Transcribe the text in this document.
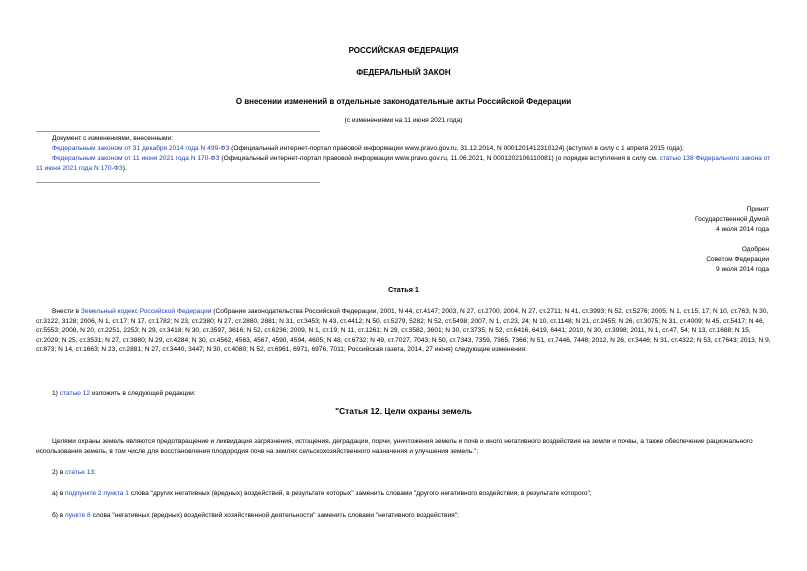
РОССИЙСКАЯ ФЕДЕРАЦИЯ
ФЕДЕРАЛЬНЫЙ ЗАКОН
О внесении изменений в отдельные законодательные акты Российской Федерации
(с изменениями на 11 июня 2021 года)
Документ с изменениями, внесенными:
Федеральным законом от 31 декабря 2014 года N 499-ФЗ (Официальный интернет-портал правовой информации www.pravo.gov.ru, 31.12.2014, N 0001201412310124) (вступил в силу с 1 апреля 2015 года);
Федеральным законом от 11 июня 2021 года N 170-ФЗ (Официальный интернет-портал правовой информации www.pravo.gov.ru, 11.06.2021, N 0001202106110081) (о порядке вступления в силу см. статью 138 Федерального закона от 11 июня 2021 года N 170-ФЗ).
Принят
Государственной Думой
4 июля 2014 года
Одобрен
Советом Федерации
9 июля 2014 года
Статья 1
Внести в Земельный кодекс Российской Федерации (Собрание законодательства Российской Федерации, 2001, N 44, ст.4147; 2003, N 27, ст.2700; 2004, N 27, ст.2711; N 41, ст.3993; N 52, ст.5276; 2005, N 1, ст.15, 17; N 10, ст.763; N 30, ст.3122, 3128; 2006, N 1, ст.17; N 17, ст.1782; N 23, ст.2380; N 27, ст.2880, 2881; N 31, ст.3453; N 43, ст.4412; N 50, ст.5279, 5282; N 52, ст.5498; 2007, N 1, ст.23, 24; N 10, ст.1148; N 21, ст.2455; N 26, ст.3075; N 31, ст.4009; N 45, ст.5417; N 46, ст.5553; 2008, N 20, ст.2251, 2253; N 29, ст.3418; N 30, ст.3597, 3616; N 52, ст.6236; 2009, N 1, ст.19; N 11, ст.1261; N 29, ст.3582, 3601; N 30, ст.3735; N 52, ст.6416, 6419, 6441; 2010, N 30, ст.3998; 2011, N 1, ст.47, 54; N 13, ст.1688; N 15, ст.2029; N 25, ст.3531; N 27, ст.3880; N 29, ст.4284; N 30, ст.4562, 4563, 4567, 4590, 4594, 4605; N 48, ст.6732; N 49, ст.7027, 7043; N 50, ст.7343, 7359, 7365, 7366; N 51, ст.7446, 7448; 2012, N 26, ст.3446; N 31, ст.4322; N 53, ст.7643; 2013, N 9, ст.873; N 14, ст.1663; N 23, ст.2881; N 27, ст.3440, 3447; N 30, ст.4080; N 52, ст.6961, 6971, 6976, 7011; Российская газета, 2014, 27 июня) следующие изменения:
1) статью 12 изложить в следующей редакции:
"Статья 12. Цели охраны земель
Целями охраны земель являются предотвращение и ликвидация загрязнения, истощения, деградации, порчи, уничтожения земель и почв и иного негативного воздействия на земли и почвы, а также обеспечение рационального использования земель, в том числе для восстановления плодородия почв на землях сельскохозяйственного назначения и улучшения земель.";
2) в статье 13:
а) в подпункте 2 пункта 1 слова "других негативных (вредных) воздействий, в результате которых" заменить словами "другого негативного воздействия, в результате которого";
б) в пункте 8 слова "негативных (вредных) воздействий хозяйственной деятельности" заменить словами "негативного воздействия";
